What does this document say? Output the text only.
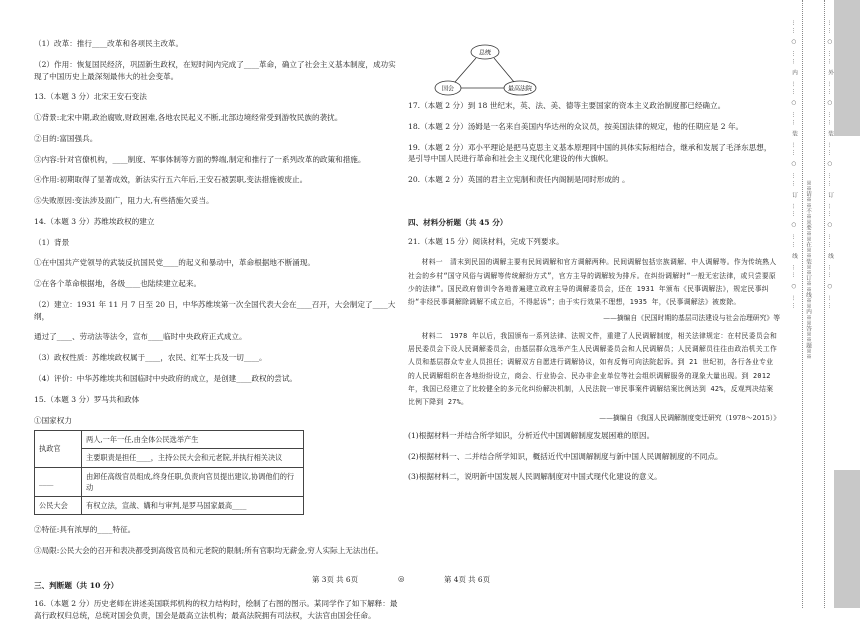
（1）改革：推行____改革和各项民主改革。

（2）作用：恢复国民经济，巩固新生政权，在短时间内完成了____革命，确立了社会主义基本制度，成功实

现了中国历史上最深刻最伟大的社会变革。

13.（本题 3 分）北宋王安石变法

①背景:北宋中期,政治腐败,财政困难,各地农民起义不断,北部边境经常受到游牧民族的袭扰。

②目的:富国强兵。

③内容:针对官僚机构，____制度、军事体制等方面的弊端,制定和推行了一系列改革的政策和措施。

④作用:初期取得了显著成效，新法实行五六年后,王安石被罢职,变法措施被废止。

⑤失败原因:变法涉及面广，阻力大,有些措施欠妥当。

14.（本题 3 分）苏维埃政权的建立

（1）背景

①在中国共产党领导的武装反抗国民党____的起义和暴动中，革命根据地不断涌现。

②在各个革命根据地，各级____也陆续建立起来。

（2）建立：1931 年 11 月 7 日至 20 日，中华苏维埃第一次全国代表大会在____召开，大会制定了____大纲，

通过了____、劳动法等法令，宣布____临时中央政府正式成立。

（3）政权性质：苏维埃政权属于____，农民、红军士兵及一切____。

（4）评价：中华苏维埃共和国临时中央政府的成立，是创建____政权的尝试。

15.（本题 3 分）罗马共和政体

①国家权力

执政官	两人,一年一任,由全体公民选举产生
	主要职责是担任____，主持公民大会和元老院,并执行相关决议
____	由卸任高级官员组成,终身任职,负责向官员提出建议,协调他们的行动
公民大会	有权立法，宣战、媾和与审判,是罗马国家最高____

②特征:具有浓厚的____特征。

③局限:公民大会的召开和表决都受到高级官员和元老院的限制;所有官职均无薪金,穷人实际上无法出任。

三、判断题（共 10 分）

16.（本题 2 分）历史老师在讲述美国联邦机构的权力结构时，绘制了右图的图示。某同学作了如下解释：最

高行政权归总统，总统对国会负责，国会是最高立法机构；最高法院拥有司法权，大法官由国会任命。

总统
国会	最高法院

17.（本题 2 分）到 18 世纪末，英、法、美、德等主要国家的资本主义政治制度都已经确立。

18.（本题 2 分）汤姆是一名来自美国内华达州的众议员，按美国法律的规定，他的任期应是 2 年。

19.（本题 2 分）邓小平理论是把马克思主义基本原理同中国的具体实际相结合，继承和发展了毛泽东思想，

是引导中国人民进行革命和社会主义现代化建设的伟大旗帜。

20.（本题 2 分）英国的君主立宪制和责任内阁制是同时形成的 。

四、材料分析题（共 45 分）

21.（本题 15 分）阅读材料，完成下列要求。

材料一　清末到民国的调解主要有民间调解和官方调解两种。民间调解包括宗族调解、中人调解等。作为传统熟人社会的乡村“国守风俗与调解等传统解纷方式”，官方主导的调解较为排斥。在纠纷调解时“一般无宏法律，或只尝要原少的法律”。国民政府曾训令各地普遍建立政府主导的调解委员会，还在 1931 年颁布《民事调解法》，规定民事纠纷“非经民事调解除调解不成立后，不得起诉”；由于实行效果不理想，1935 年，《民事调解法》被废除。

——摘编自《民国时期的基层司法建设与社会治理研究》等

材料二　1978 年以后，我国颁布一系列法律、法规文件，重建了人民调解制度，相关法律规定：在村民委员会和居民委员会下设人民调解委员会，由基层群众选举产生人民调解委员会和人民调解员；人民调解员往往由政治机关工作人员和基层群众专业人员担任；调解双方自愿进行调解协议，如有反悔可向法院起诉。到 21 世纪初，各行各业专业的人民调解组织在各地纷纷设立，商会、行业协会、民办非企业单位等社会组织调解服务的现象大量出现。到 2012 年，我国已经建立了比较健全的多元化纠纷解决机制，人民法院一审民事案件调解结案比例达到 42%，反观判决结案比例下降到 27%。

——摘编自《我国人民调解制度变迁研究（1978～2015）》

(1)根据材料一并结合所学知识，分析近代中国调解制度发展困难的原因。

(2)根据材料一、二并结合所学知识，概括近代中国调解制度与新中国人民调解制度的不同点。

(3)根据材料二，说明新中国发展人民调解制度对中国式现代化建设的意义。

第 3页 共 6页	◎	第 4页 共 6页
…… ○ …… 内 …… ○ …… 装 …… ○ …… 订 …… ○ …… 线 …… ○ …… ※※请※※不※※要※※在※※装※※订※※线※※内※※答※※题※※	…… ○ …… 外 …… ○ …… 装 …… ○ …… 订 …… ○ …… 线 …… ○ ……
